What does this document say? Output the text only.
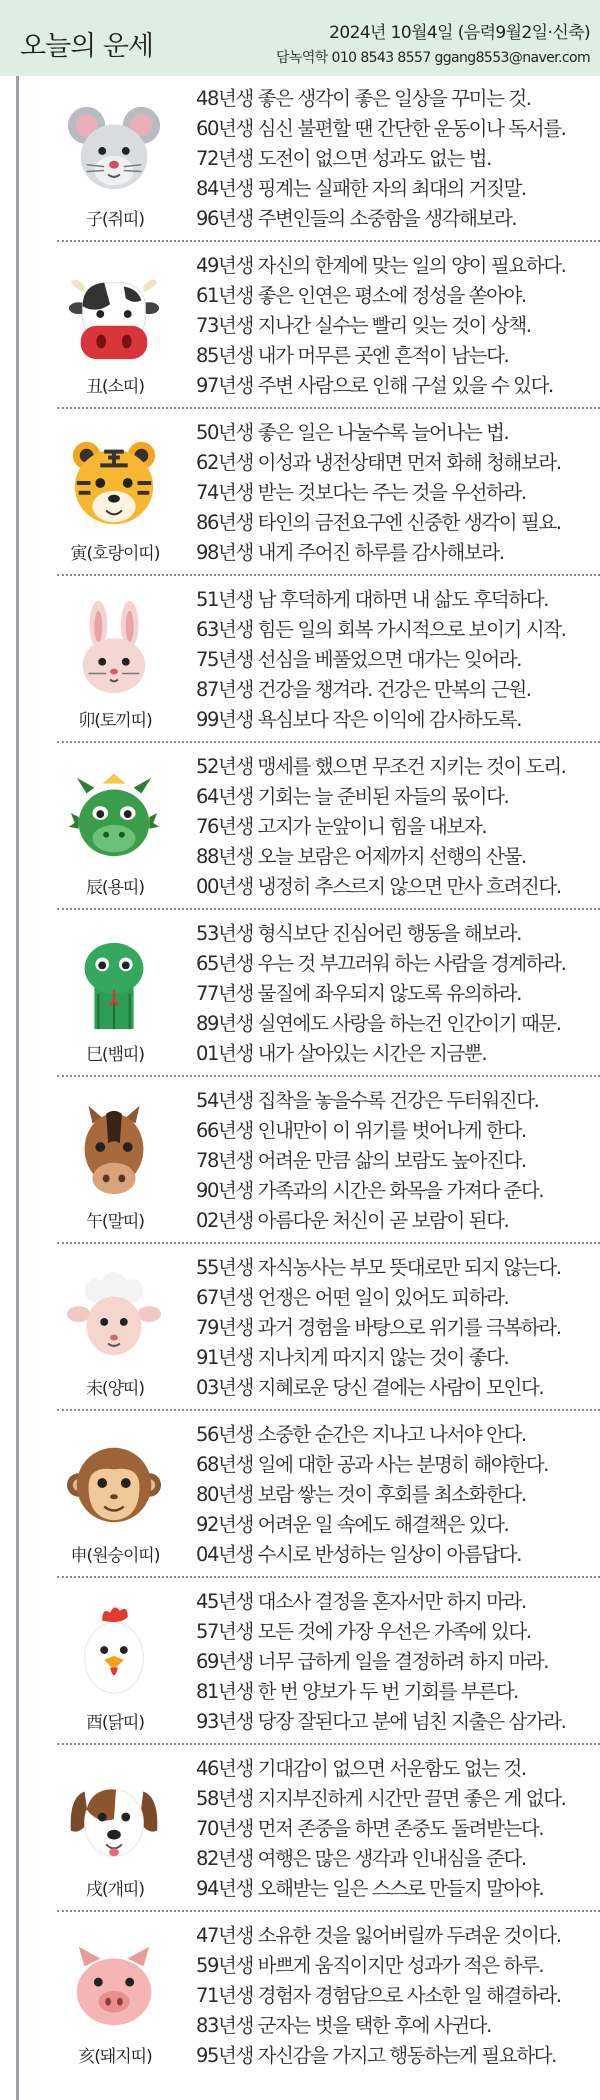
오늘의 운세	2024년 10월4일 (음력9월2일·신축)
담녹역학 010 8543 8557 ggang8553@naver.com
子(쥐띠)
48년생 좋은 생각이 좋은 일상을 꾸미는 것.
60년생 심신 불편할 땐 간단한 운동이나 독서를.
72년생 도전이 없으면 성과도 없는 법.
84년생 핑계는 실패한 자의 최대의 거짓말.
96년생 주변인들의 소중함을 생각해보라.
丑(소띠)
49년생 자신의 한계에 맞는 일의 양이 필요하다.
61년생 좋은 인연은 평소에 정성을 쏟아야.
73년생 지나간 실수는 빨리 잊는 것이 상책.
85년생 내가 머무른 곳엔 흔적이 남는다.
97년생 주변 사람으로 인해 구설 있을 수 있다.
寅(호랑이띠)
50년생 좋은 일은 나눌수록 늘어나는 법.
62년생 이성과 냉전상태면 먼저 화해 청해보라.
74년생 받는 것보다는 주는 것을 우선하라.
86년생 타인의 금전요구엔 신중한 생각이 필요.
98년생 내게 주어진 하루를 감사해보라.
卯(토끼띠)
51년생 남 후덕하게 대하면 내 삶도 후덕하다.
63년생 힘든 일의 회복 가시적으로 보이기 시작.
75년생 선심을 베풀었으면 대가는 잊어라.
87년생 건강을 챙겨라. 건강은 만복의 근원.
99년생 욕심보다 작은 이익에 감사하도록.
辰(용띠)
52년생 맹세를 했으면 무조건 지키는 것이 도리.
64년생 기회는 늘 준비된 자들의 몫이다.
76년생 고지가 눈앞이니 힘을 내보자.
88년생 오늘 보람은 어제까지 선행의 산물.
00년생 냉정히 추스르지 않으면 만사 흐려진다.
巳(뱀띠)
53년생 형식보단 진심어린 행동을 해보라.
65년생 우는 것 부끄러워 하는 사람을 경계하라.
77년생 물질에 좌우되지 않도록 유의하라.
89년생 실연에도 사랑을 하는건 인간이기 때문.
01년생 내가 살아있는 시간은 지금뿐.
午(말띠)
54년생 집착을 놓을수록 건강은 두터워진다.
66년생 인내만이 이 위기를 벗어나게 한다.
78년생 어려운 만큼 삶의 보람도 높아진다.
90년생 가족과의 시간은 화목을 가져다 준다.
02년생 아름다운 처신이 곧 보람이 된다.
未(양띠)
55년생 자식농사는 부모 뜻대로만 되지 않는다.
67년생 언쟁은 어떤 일이 있어도 피하라.
79년생 과거 경험을 바탕으로 위기를 극복하라.
91년생 지나치게 따지지 않는 것이 좋다.
03년생 지혜로운 당신 곁에는 사람이 모인다.
申(원숭이띠)
56년생 소중한 순간은 지나고 나서야 안다.
68년생 일에 대한 공과 사는 분명히 해야한다.
80년생 보람 쌓는 것이 후회를 최소화한다.
92년생 어려운 일 속에도 해결책은 있다.
04년생 수시로 반성하는 일상이 아름답다.
酉(닭띠)
45년생 대소사 결정을 혼자서만 하지 마라.
57년생 모든 것에 가장 우선은 가족에 있다.
69년생 너무 급하게 일을 결정하려 하지 마라.
81년생 한 번 양보가 두 번 기회를 부른다.
93년생 당장 잘된다고 분에 넘친 지출은 삼가라.
戌(개띠)
46년생 기대감이 없으면 서운함도 없는 것.
58년생 지지부진하게 시간만 끌면 좋은 게 없다.
70년생 먼저 존중을 하면 존중도 돌려받는다.
82년생 여행은 많은 생각과 인내심을 준다.
94년생 오해받는 일은 스스로 만들지 말아야.
亥(돼지띠)
47년생 소유한 것을 잃어버릴까 두려운 것이다.
59년생 바쁘게 움직이지만 성과가 적은 하루.
71년생 경험자 경험담으로 사소한 일 해결하라.
83년생 군자는 벗을 택한 후에 사귄다.
95년생 자신감을 가지고 행동하는게 필요하다.
